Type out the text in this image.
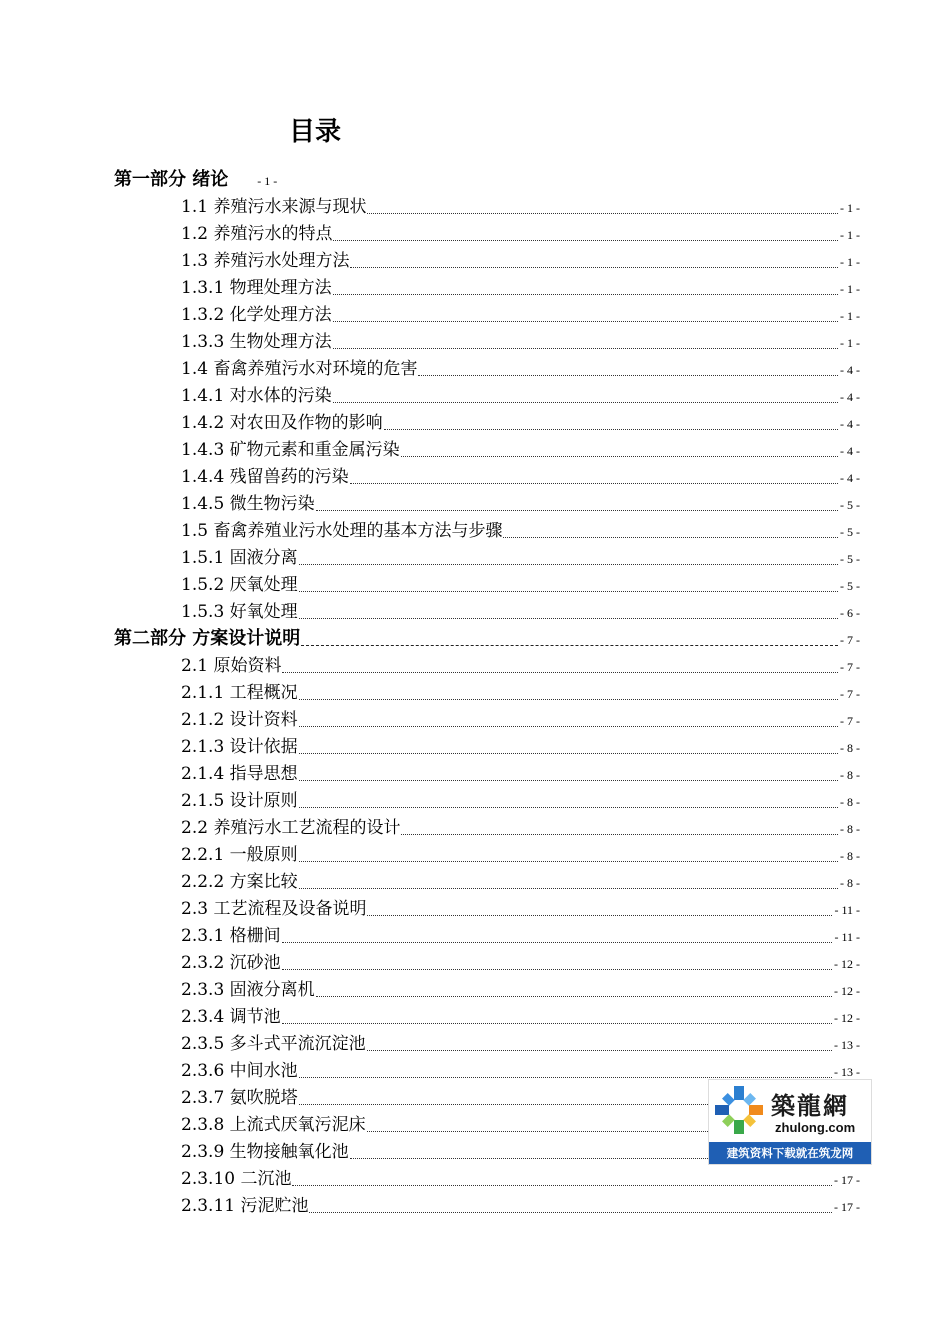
目录
第一部分 绪论 - 1 -
1.1 养殖污水来源与现状	- 1 -
1.2 养殖污水的特点	- 1 -
1.3 养殖污水处理方法	- 1 -
1.3.1 物理处理方法	- 1 -
1.3.2 化学处理方法	- 1 -
1.3.3 生物处理方法	- 1 -
1.4 畜禽养殖污水对环境的危害	- 4 -
1.4.1 对水体的污染	- 4 -
1.4.2 对农田及作物的影响	- 4 -
1.4.3 矿物元素和重金属污染	- 4 -
1.4.4 残留兽药的污染	- 4 -
1.4.5 微生物污染	- 5 -
1.5 畜禽养殖业污水处理的基本方法与步骤	- 5 -
1.5.1 固液分离	- 5 -
1.5.2 厌氧处理	- 5 -
1.5.3 好氧处理	- 6 -
第二部分 方案设计说明	- 7 -
2.1 原始资料	- 7 -
2.1.1 工程概况	- 7 -
2.1.2 设计资料	- 7 -
2.1.3 设计依据	- 8 -
2.1.4 指导思想	- 8 -
2.1.5 设计原则	- 8 -
2.2 养殖污水工艺流程的设计	- 8 -
2.2.1 一般原则	- 8 -
2.2.2 方案比较	- 8 -
2.3 工艺流程及设备说明	- 11 -
2.3.1 格栅间	- 11 -
2.3.2 沉砂池	- 12 -
2.3.3 固液分离机	- 12 -
2.3.4 调节池	- 12 -
2.3.5 多斗式平流沉淀池	- 13 -
2.3.6 中间水池	- 13 -
2.3.7 氨吹脱塔
2.3.8 上流式厌氧污泥床
2.3.9 生物接触氧化池
2.3.10 二沉池	- 17 -
2.3.11 污泥贮池	- 17 -
築龍網
zhulong.com
建筑资料下载就在筑龙网
